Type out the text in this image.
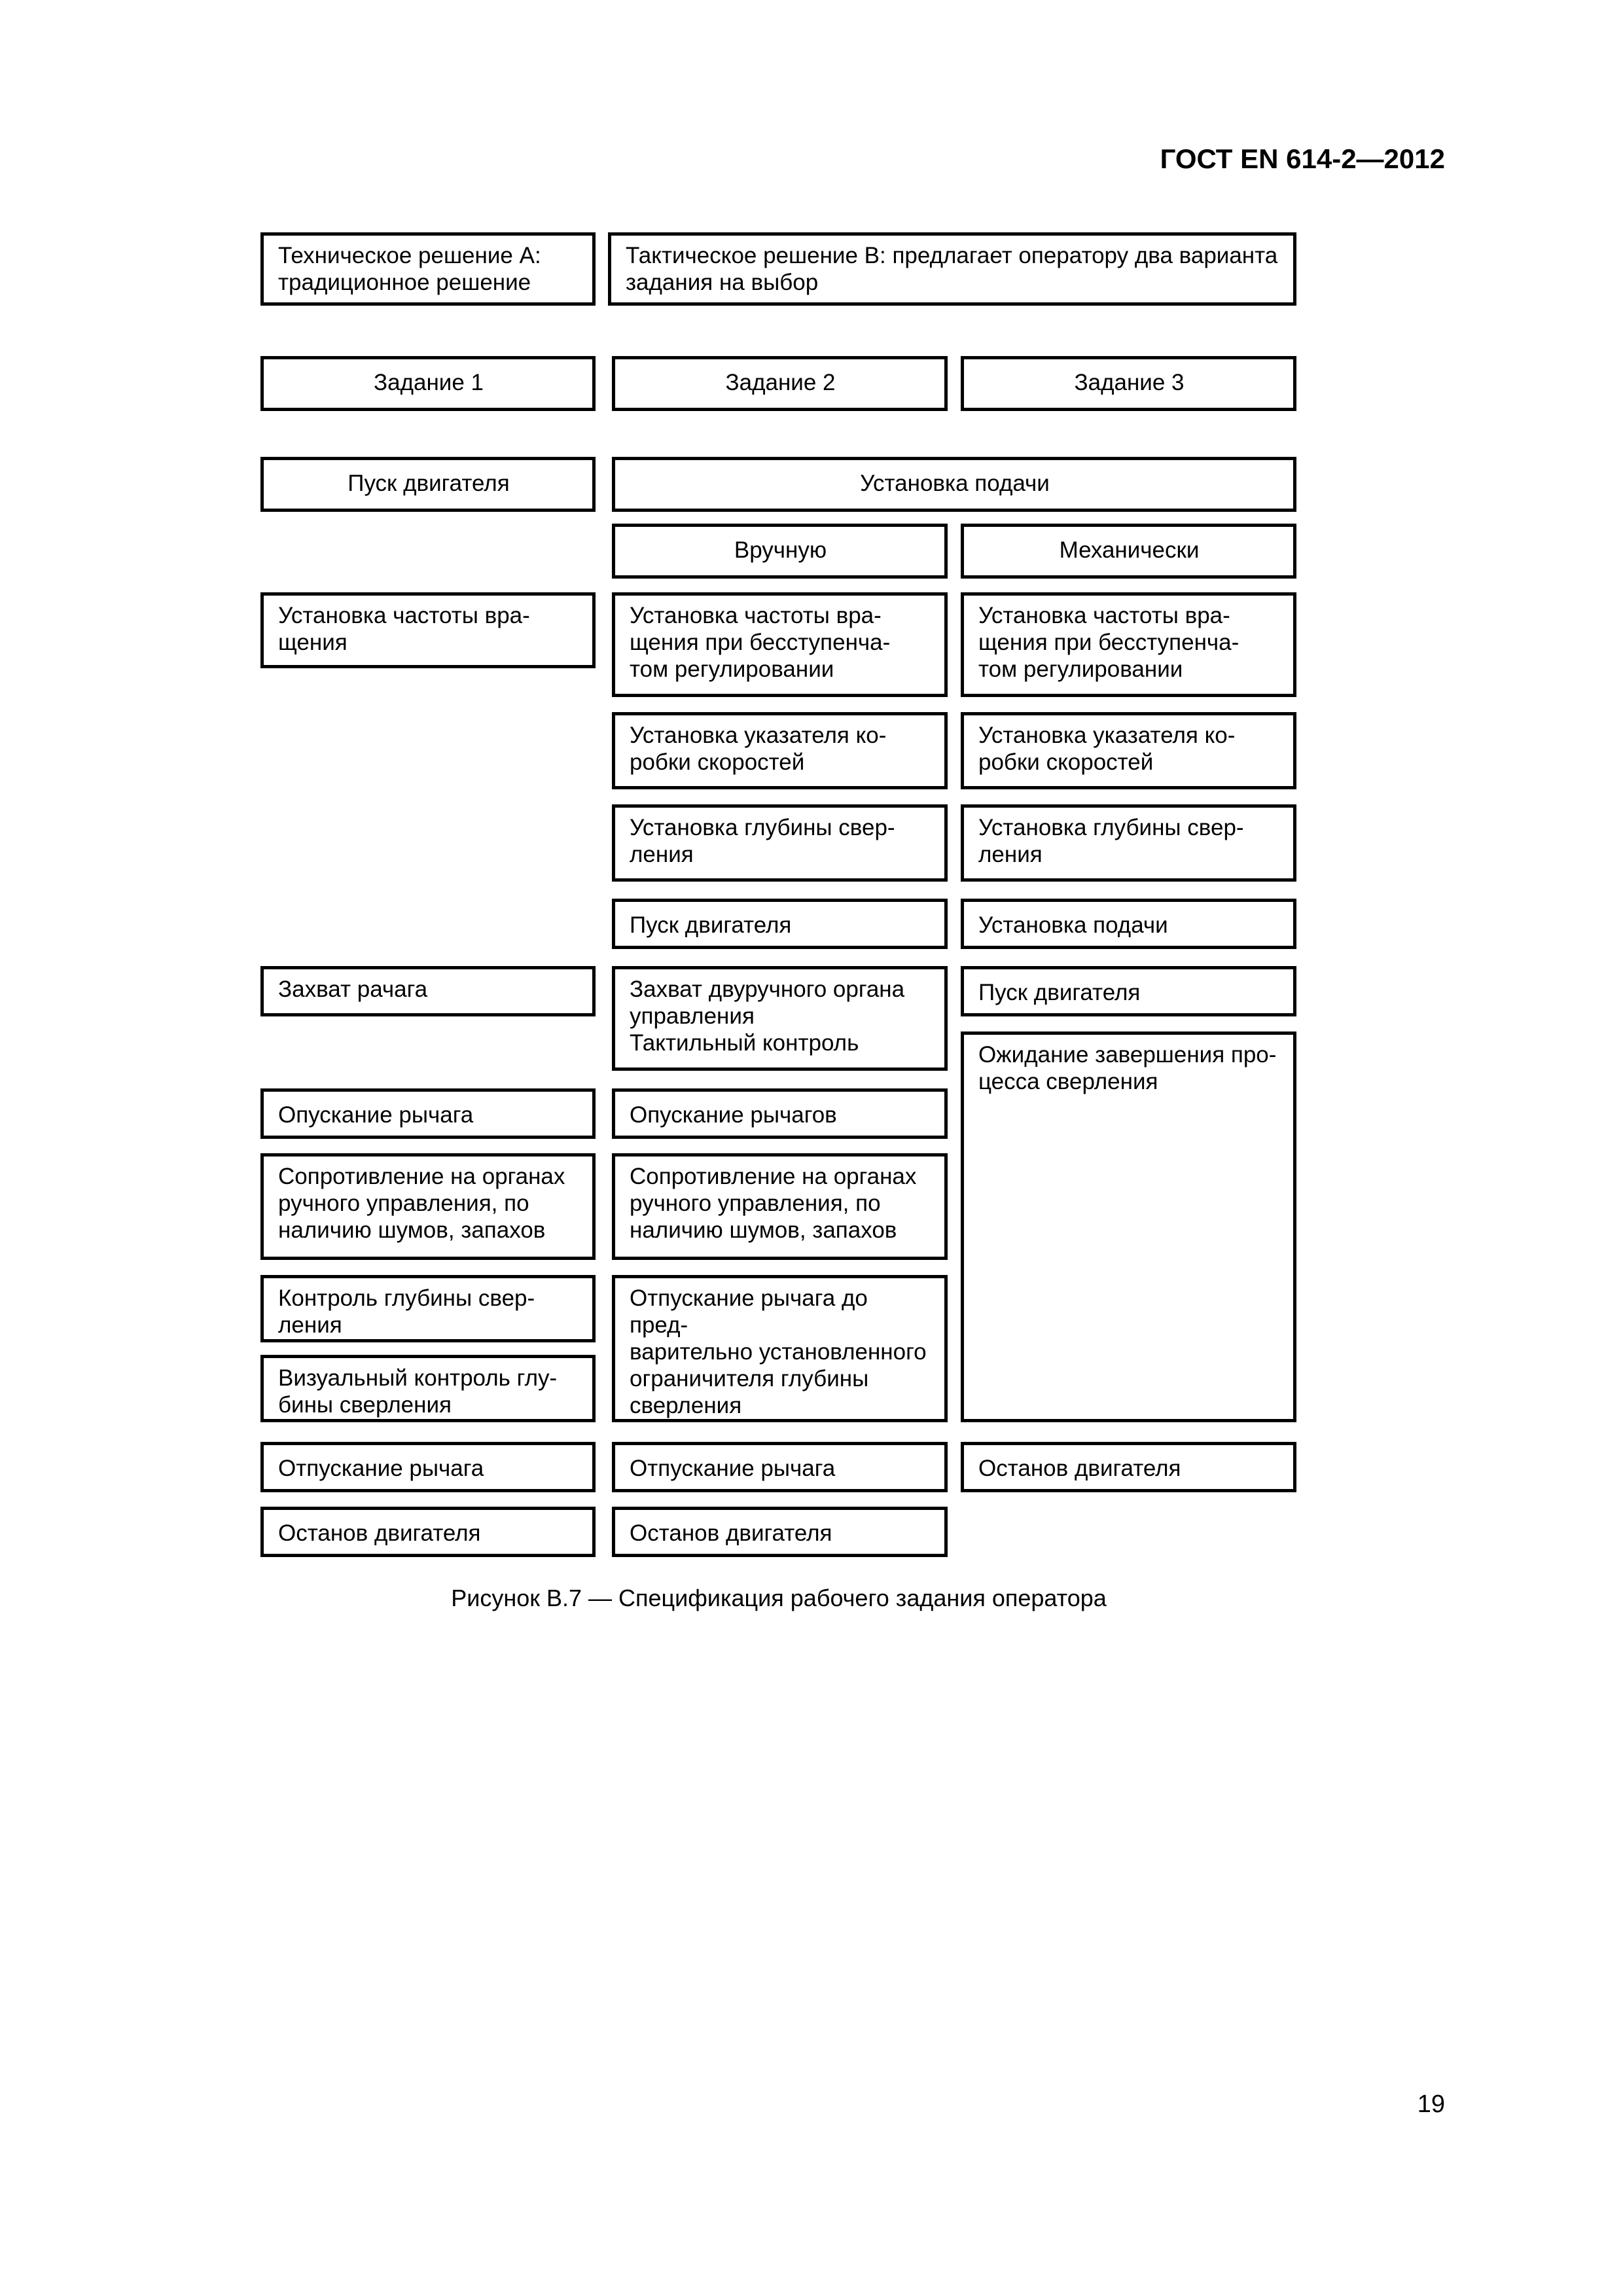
ГОСТ EN 614-2—2012
Техническое решение А:
традиционное решение
Тактическое решение В: предлагает оператору два варианта
задания на выбор
Задание 1	Задание 2	Задание 3
Пуск двигателя
Установка частоты вра-
щения
Захват рачага
Опускание рычага
Сопротивление на органах
ручного управления, по
наличию шумов, запахов
Контроль глубины свер-
ления
Визуальный контроль глу-
бины сверления
Отпускание рычага
Останов двигателя
Установка подачи
Вручную
Установка частоты вра-
щения при бесступенча-
том регулировании
Установка указателя ко-
робки скоростей
Установка глубины свер-
ления
Пуск двигателя
Захват двуручного органа
управления
Тактильный контроль
Опускание рычагов
Сопротивление на органах
ручного управления, по
наличию шумов, запахов
Отпускание рычага до пред-
варительно установленного
ограничителя глубины
сверления
Отпускание рычага
Останов двигателя
Механически
Установка частоты вра-
щения при бесступенча-
том регулировании
Установка указателя ко-
робки скоростей
Установка глубины свер-
ления
Установка подачи
Пуск двигателя
Ожидание завершения про-
цесса сверления
Останов двигателя
Рисунок В.7 — Спецификация рабочего задания оператора
19
